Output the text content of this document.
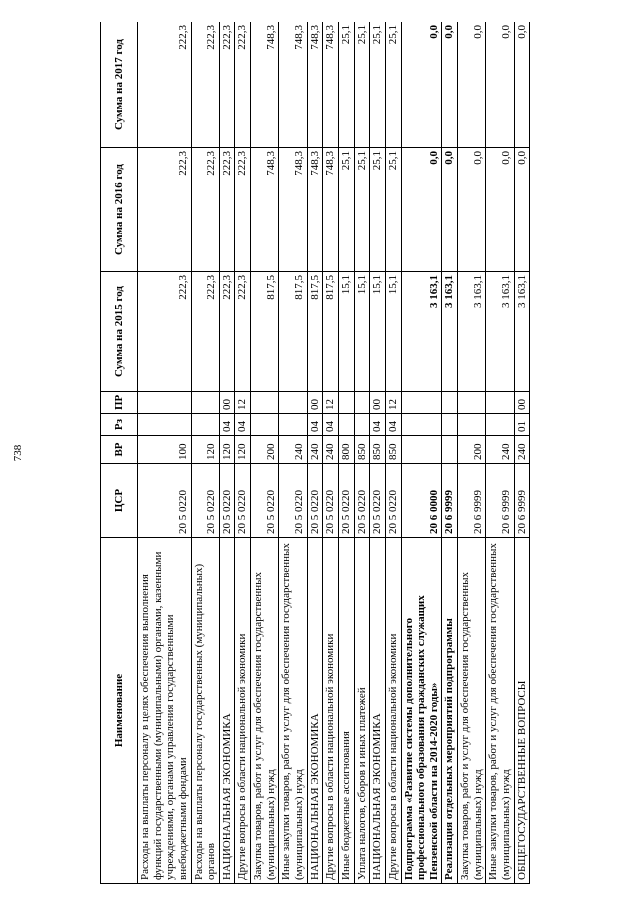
738
Наименование	ЦСР	ВР	Рз	ПР	Сумма на 2015 год	Сумма на 2016 год	Сумма на 2017 год
Расходы на выплаты персоналу в целях обеспечения выполнения функций государственными (муниципальными) органами, казенными учреждениями, органами управления государственными внебюджетными фондами	20 5 0220	100			222,3	222,3	222,3
Расходы на выплаты персоналу государственных (муниципальных) органов	20 5 0220	120			222,3	222,3	222,3
НАЦИОНАЛЬНАЯ ЭКОНОМИКА	20 5 0220	120	04	00	222,3	222,3	222,3
Другие вопросы в области национальной экономики	20 5 0220	120	04	12	222,3	222,3	222,3
Закупка товаров, работ и услуг для обеспечения государственных (муниципальных) нужд	20 5 0220	200			817,5	748,3	748,3
Иные закупки товаров, работ и услуг для обеспечения государственных (муниципальных) нужд	20 5 0220	240			817,5	748,3	748,3
НАЦИОНАЛЬНАЯ ЭКОНОМИКА	20 5 0220	240	04	00	817,5	748,3	748,3
Другие вопросы в области национальной экономики	20 5 0220	240	04	12	817,5	748,3	748,3
Иные бюджетные ассигнования	20 5 0220	800			15,1	25,1	25,1
Уплата налогов, сборов и иных платежей	20 5 0220	850			15,1	25,1	25,1
НАЦИОНАЛЬНАЯ ЭКОНОМИКА	20 5 0220	850	04	00	15,1	25,1	25,1
Другие вопросы в области национальной экономики	20 5 0220	850	04	12	15,1	25,1	25,1
Подпрограмма «Развитие системы дополнительного профессионального образования гражданских служащих Пензенской области на 2014-2020 годы»	20 6 0000				3 163,1	0,0	0,0
Реализация отдельных мероприятий подпрограммы	20 6 9999				3 163,1	0,0	0,0
Закупка товаров, работ и услуг для обеспечения государственных (муниципальных) нужд	20 6 9999	200			3 163,1	0,0	0,0
Иные закупки товаров, работ и услуг для обеспечения государственных (муниципальных) нужд	20 6 9999	240			3 163,1	0,0	0,0
ОБЩЕГОСУДАРСТВЕННЫЕ ВОПРОСЫ	20 6 9999	240	01	00	3 163,1	0,0	0,0
